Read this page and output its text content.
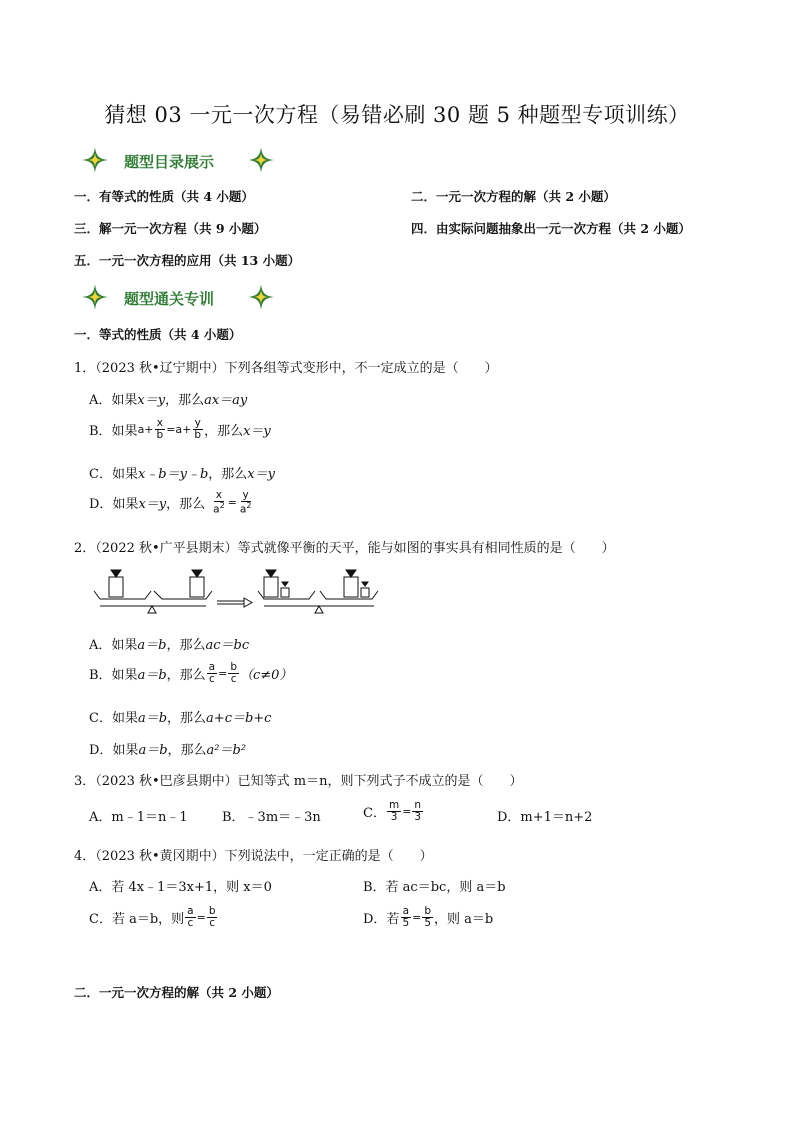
猜想 03 一元一次方程（易错必刷 30 题 5 种题型专项训练）
题型目录展示
一．有等式的性质（共 4 小题）	二．一元一次方程的解（共 2 小题）
三．解一元一次方程（共 9 小题）	四．由实际问题抽象出一元一次方程（共 2 小题）
五．一元一次方程的应用（共 13 小题）
题型通关专训
一．等式的性质（共 4 小题）
1．（2023 秋•辽宁期中）下列各组等式变形中，不一定成立的是（　　）
A．如果x＝y，那么ax＝ay
B．如果 $a+ \frac{x}{b} = a+ \frac{y}{b}$ ，那么 x＝y
C．如果x﹣b＝y﹣b，那么x＝y
D．如果 x＝y ，那么 $\frac{x}{a^2} = \frac{y}{a^2}$
2．（2022 秋•广平县期末）等式就像平衡的天平，能与如图的事实具有相同性质的是（　　）
A．如果a＝b，那么ac＝bc
B．如果 a＝b ，那么 $\frac{a}{c} = \frac{b}{c} (c\ne 0)$
C．如果a＝b，那么a+c＝b+c
D．如果a＝b，那么a²＝b²
3．（2023 秋•巴彦县期中）已知等式 m＝n，则下列式子不成立的是（　　）
A．m﹣1＝n﹣1	B．﹣3m＝﹣3n	C． $\frac{m}{3} = \frac{n}{3}$	D．m+1＝n+2
4．（2023 秋•黄冈期中）下列说法中，一定正确的是（　　）
A．若 4x﹣1＝3x+1，则 x＝0	B．若 ac＝bc，则 a＝b
C．若 a＝b，则 $\frac{a}{c} = \frac{b}{c}$	D．若 $\frac{a}{5} = \frac{b}{5}$ ，则 a＝b
二．一元一次方程的解（共 2 小题）
